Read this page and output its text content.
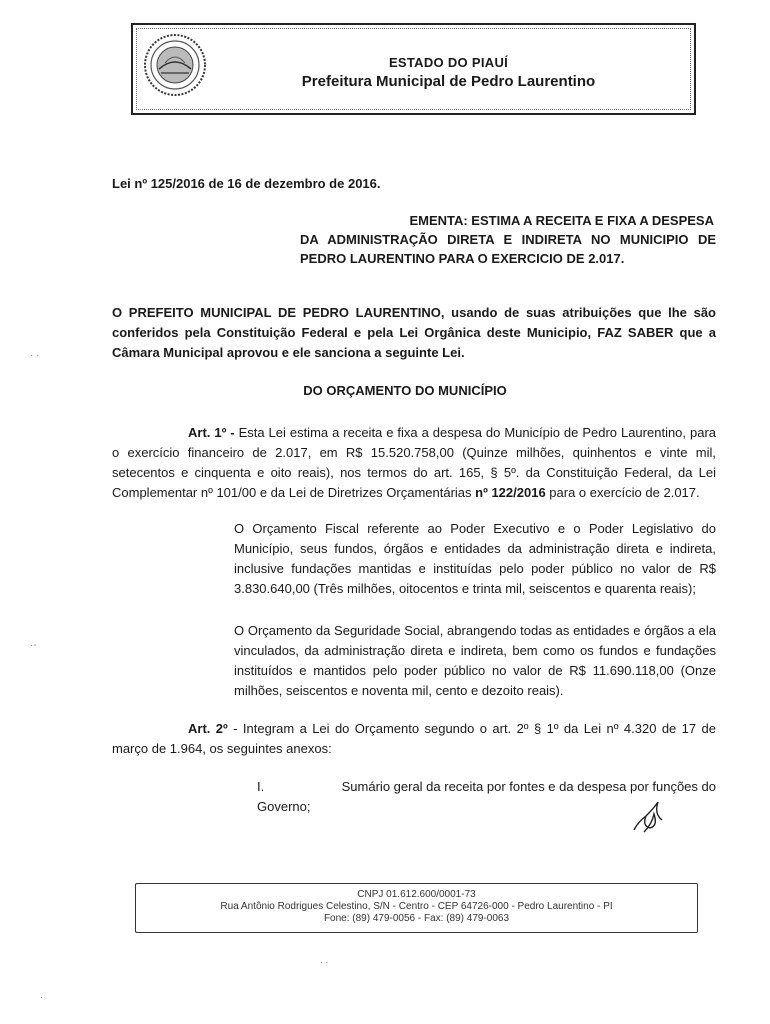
ESTADO DO PIAUÍ
Prefeitura Municipal de Pedro Laurentino
Lei nº 125/2016 de 16 de dezembro de 2016.
EMENTA: ESTIMA A RECEITA E FIXA A DESPESA
DA ADMINISTRAÇÃO DIRETA E INDIRETA NO MUNICIPIO DE PEDRO LAURENTINO PARA O EXERCICIO DE 2.017.
O PREFEITO MUNICIPAL DE PEDRO LAURENTINO, usando de suas atribuições que lhe são conferidos pela Constituição Federal e pela Lei Orgânica deste Municipio, FAZ SABER que a Câmara Municipal aprovou e ele sanciona a seguinte Lei.
DO ORÇAMENTO DO MUNICÍPIO
Art. 1º - Esta Lei estima a receita e fixa a despesa do Município de Pedro Laurentino, para o exercício financeiro de 2.017, em R$ 15.520.758,00 (Quinze milhões, quinhentos e vinte mil, setecentos e cinquenta e oito reais), nos termos do art. 165, § 5º. da Constituição Federal, da Lei Complementar nº 101/00 e da Lei de Diretrizes Orçamentárias nº 122/2016 para o exercício de 2.017.
O Orçamento Fiscal referente ao Poder Executivo e o Poder Legislativo do Município, seus fundos, órgãos e entidades da administração direta e indireta, inclusive fundações mantidas e instituídas pelo poder público no valor de R$ 3.830.640,00 (Três milhões, oitocentos e trinta mil, seiscentos e quarenta reais);
O Orçamento da Seguridade Social, abrangendo todas as entidades e órgãos a ela vinculados, da administração direta e indireta, bem como os fundos e fundações instituídos e mantidos pelo poder público no valor de R$ 11.690.118,00 (Onze milhões, seiscentos e noventa mil, cento e dezoito reais).
Art. 2º - Integram a Lei do Orçamento segundo o art. 2º § 1º da Lei nº 4.320 de 17 de março de 1.964, os seguintes anexos:
I.	Sumário geral da receita por fontes e da despesa por funções do
Governo;
CNPJ 01.612.600/0001-73
Rua Antônio Rodrigues Celestino, S/N - Centro - CEP 64726-000 - Pedro Laurentino - PI
Fone: (89) 479-0056 - Fax: (89) 479-0063
· ·
·‑
. .
.
